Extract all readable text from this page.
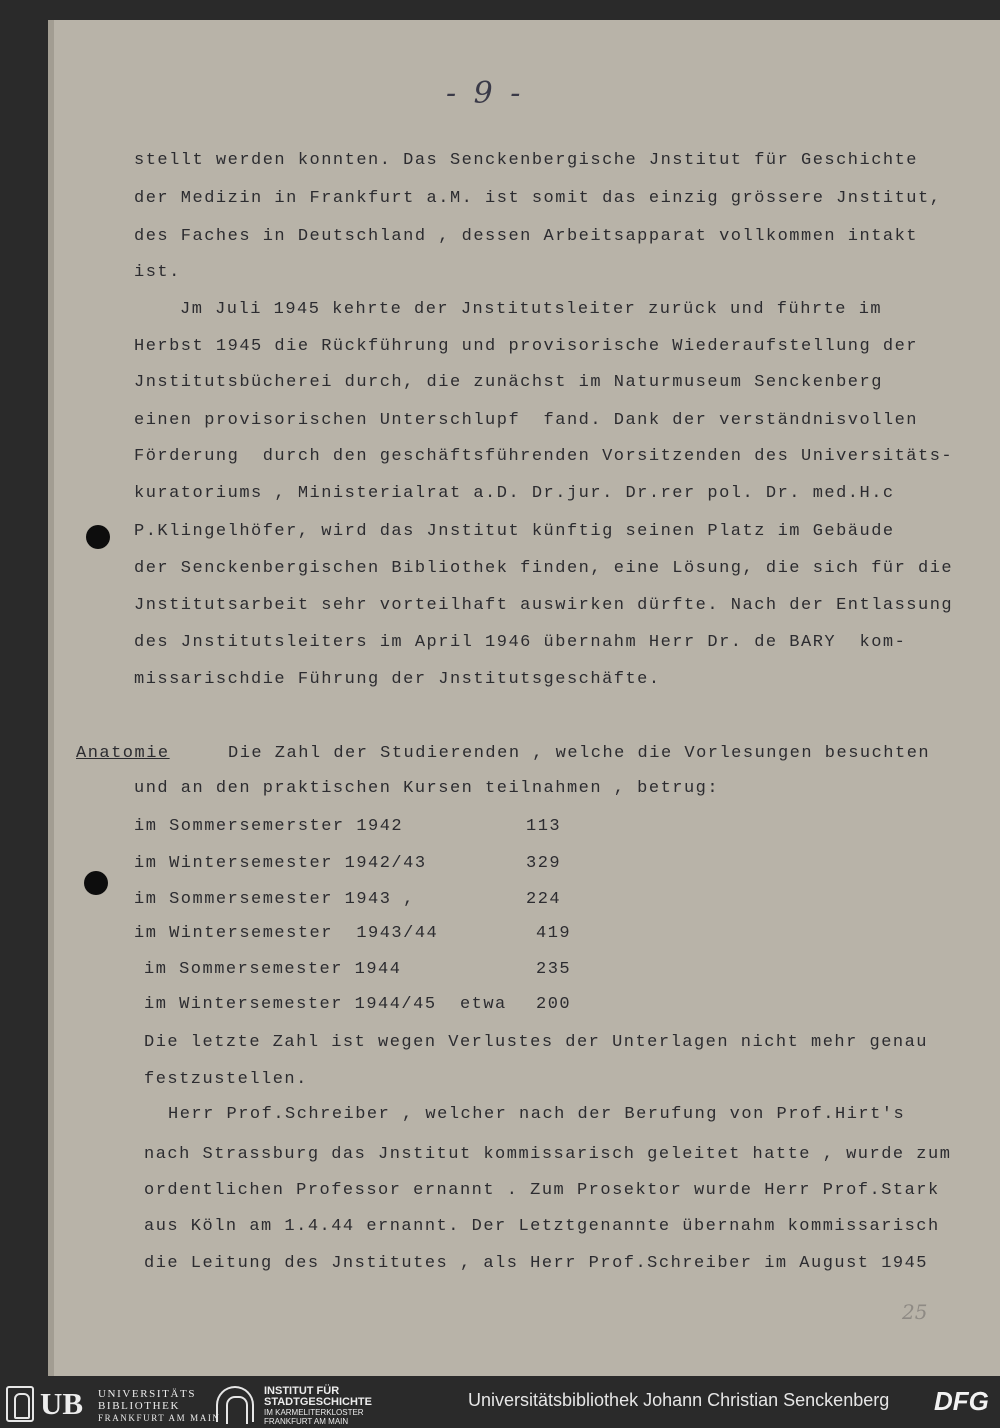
- 9 -
stellt werden konnten. Das Senckenbergische Jnstitut für Geschichte
der Medizin in Frankfurt a.M. ist somit das einzig grössere Jnstitut,
des Faches in Deutschland , dessen Arbeitsapparat vollkommen intakt
ist.
Jm Juli 1945 kehrte der Jnstitutsleiter zurück und führte im
Herbst 1945 die Rückführung und provisorische Wiederaufstellung der
Jnstitutsbücherei durch, die zunächst im Naturmuseum Senckenberg
einen provisorischen Unterschlupf  fand. Dank der verständnisvollen
Förderung  durch den geschäftsführenden Vorsitzenden des Universitäts-
kuratoriums , Ministerialrat a.D. Dr.jur. Dr.rer pol. Dr. med.H.c
P.Klingelhöfer, wird das Jnstitut künftig seinen Platz im Gebäude
der Senckenbergischen Bibliothek finden, eine Lösung, die sich für die
Jnstitutsarbeit sehr vorteilhaft auswirken dürfte. Nach der Entlassung
des Jnstitutsleiters im April 1946 übernahm Herr Dr. de BARY  kom-
missarischdie Führung der Jnstitutsgeschäfte.
Anatomie	Die Zahl der Studierenden , welche die Vorlesungen besuchten
und an den praktischen Kursen teilnahmen , betrug:
im Sommersemerster 1942	113
im Wintersemester 1942/43	329
im Sommersemester 1943 ,	224
im Wintersemester  1943/44	419
im Sommersemester 1944	235
im Wintersemester 1944/45  etwa 200
Die letzte Zahl ist wegen Verlustes der Unterlagen nicht mehr genau
festzustellen.
Herr Prof.Schreiber , welcher nach der Berufung von Prof.Hirt's
nach Strassburg das Jnstitut kommissarisch geleitet hatte , wurde zum
ordentlichen Professor ernannt . Zum Prosektor wurde Herr Prof.Stark
aus Köln am 1.4.44 ernannt. Der Letztgenannte übernahm kommissarisch
die Leitung des Jnstitutes , als Herr Prof.Schreiber im August 1945
25
UB UNIVERSITÄTS
BIBLIOTHEK
FRANKFURT AM MAIN
INSTITUT FÜR
STADTGESCHICHTE
IM KARMELITERKLOSTER
FRANKFURT AM MAIN
Universitätsbibliothek Johann Christian Senckenberg DFG
